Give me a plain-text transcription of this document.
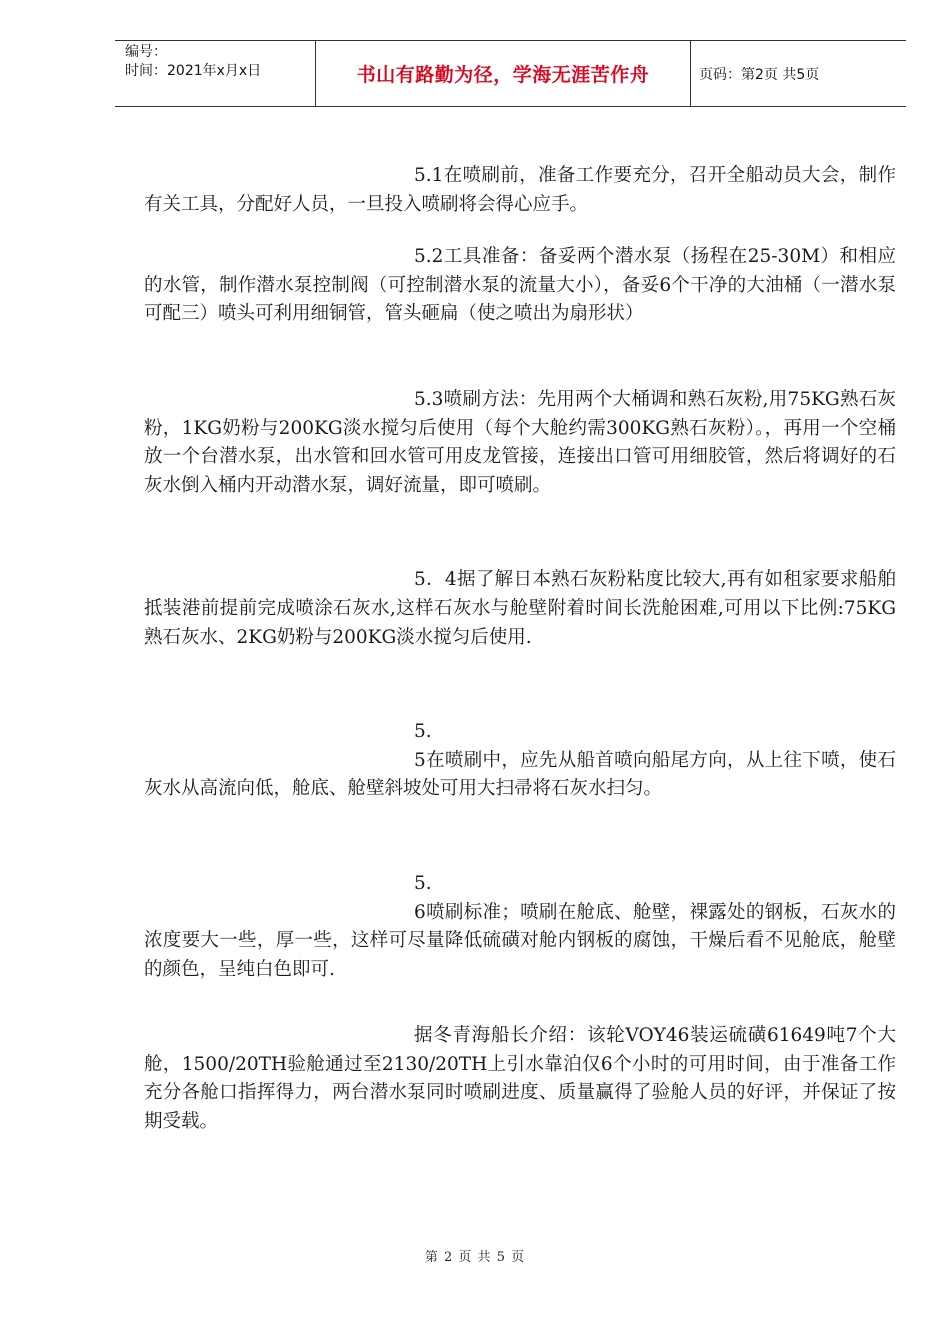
编号：
时间：2021年x月x日	书山有路勤为径，学海无涯苦作舟	页码：第2页 共5页

5.1在喷刷前，准备工作要充分，召开全船动员大会，制作有关工具，分配好人员，一旦投入喷刷将会得心应手。

5.2工具准备：备妥两个潜水泵（扬程在25-30M）和相应的水管，制作潜水泵控制阀（可控制潜水泵的流量大小），备妥6个干净的大油桶（一潜水泵可配三）喷头可利用细铜管，管头砸扁（使之喷出为扇形状）

5.3喷刷方法：先用两个大桶调和熟石灰粉,用75KG熟石灰粉，1KG奶粉与200KG淡水搅匀后使用（每个大舱约需300KG熟石灰粉）。，再用一个空桶放一个台潜水泵，出水管和回水管可用皮龙管接，连接出口管可用细胶管，然后将调好的石灰水倒入桶内开动潜水泵，调好流量，即可喷刷。

5．4据了解日本熟石灰粉粘度比较大,再有如租家要求船舶抵装港前提前完成喷涂石灰水,这样石灰水与舱壁附着时间长洗舱困难,可用以下比例:75KG熟石灰水、2KG奶粉与200KG淡水搅匀后使用.

5.

5在喷刷中，应先从船首喷向船尾方向，从上往下喷，使石灰水从高流向低，舱底、舱壁斜坡处可用大扫帚将石灰水扫匀。

5.

6喷刷标准；喷刷在舱底、舱壁，裸露处的钢板，石灰水的浓度要大一些，厚一些，这样可尽量降低硫磺对舱内钢板的腐蚀，干燥后看不见舱底，舱壁的颜色，呈纯白色即可.

据冬青海船长介绍：该轮VOY46装运硫磺61649吨7个大舱，1500/20TH验舱通过至2130/20TH上引水靠泊仅6个小时的可用时间，由于准备工作充分各舱口指挥得力，两台潜水泵同时喷刷进度、质量赢得了验舱人员的好评，并保证了按期受载。

第 2 页 共 5 页
